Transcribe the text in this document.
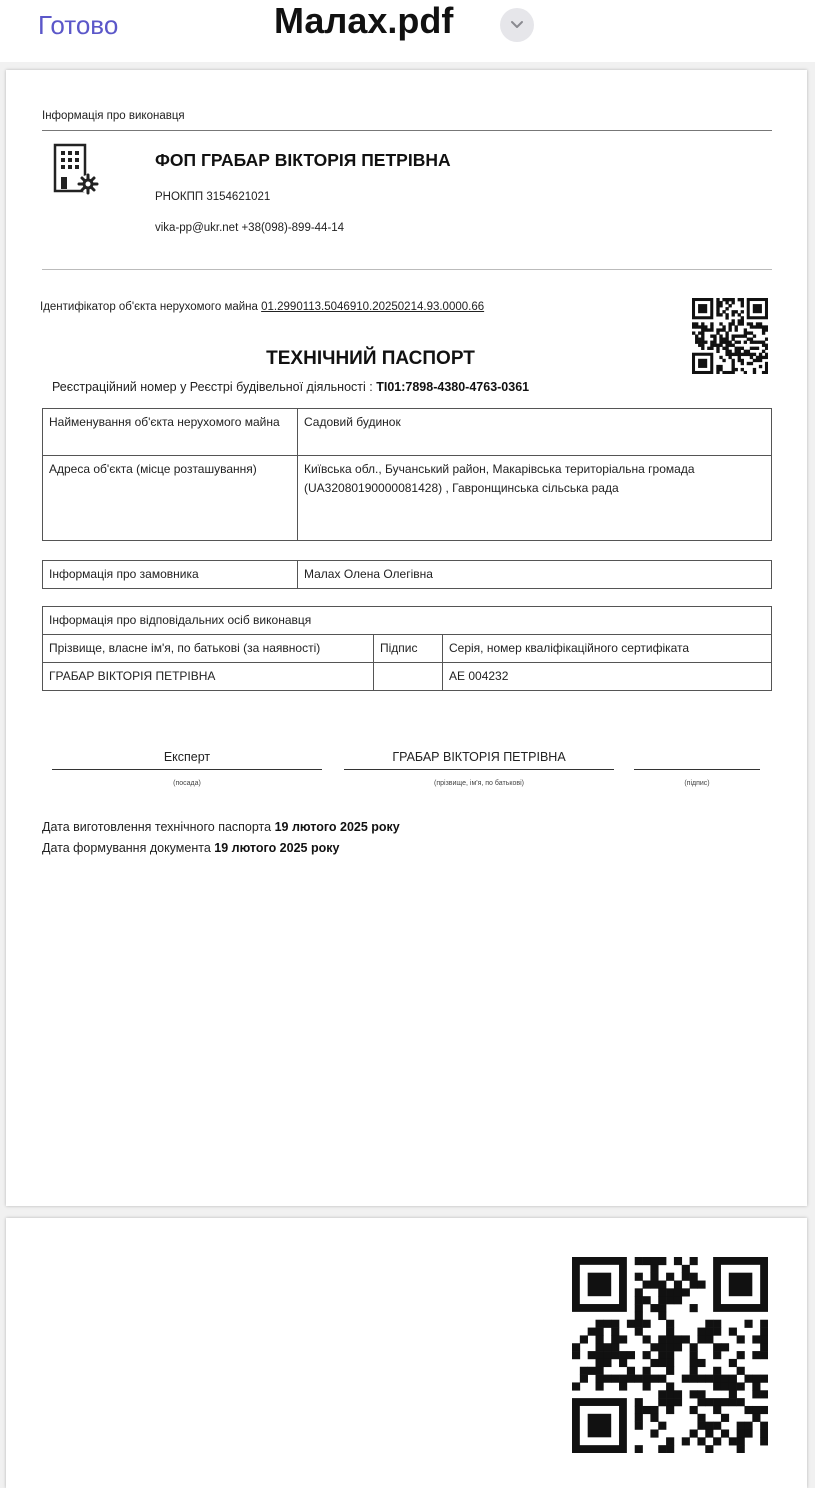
Готово	Малах.pdf
Інформація про виконавця
ФОП ГРАБАР ВІКТОРІЯ ПЕТРІВНА
РНОКПП 3154621021
vika-pp@ukr.net +38(098)-899-44-14
Ідентифікатор об'єкта нерухомого майна 01.2990113.5046910.20250214.93.0000.66
ТЕХНІЧНИЙ ПАСПОРТ
Реєстраційний номер у Реєстрі будівельної діяльності : ТІ01:7898-4380-4763-0361
Найменування об'єкта нерухомого майна	Садовий будинок
Адреса об'єкта (місце розташування)	Київська обл., Бучанський район, Макарівська територіальна громада (UA32080190000081428) , Гавронщинська сільська рада
Інформація про замовника	Малах Олена Олегівна
Інформація про відповідальних осіб виконавця		
Прізвище, власне ім'я, по батькові (за наявності)	Підпис	Серія, номер кваліфікаційного сертифіката
ГРАБАР ВІКТОРІЯ ПЕТРІВНА		АЕ 004232
Експерт
(посада)
ГРАБАР ВІКТОРІЯ ПЕТРІВНА
(прізвище, ім'я, по батькові)	(підпис)
Дата виготовлення технічного паспорта 19 лютого 2025 року
Дата формування документа 19 лютого 2025 року
